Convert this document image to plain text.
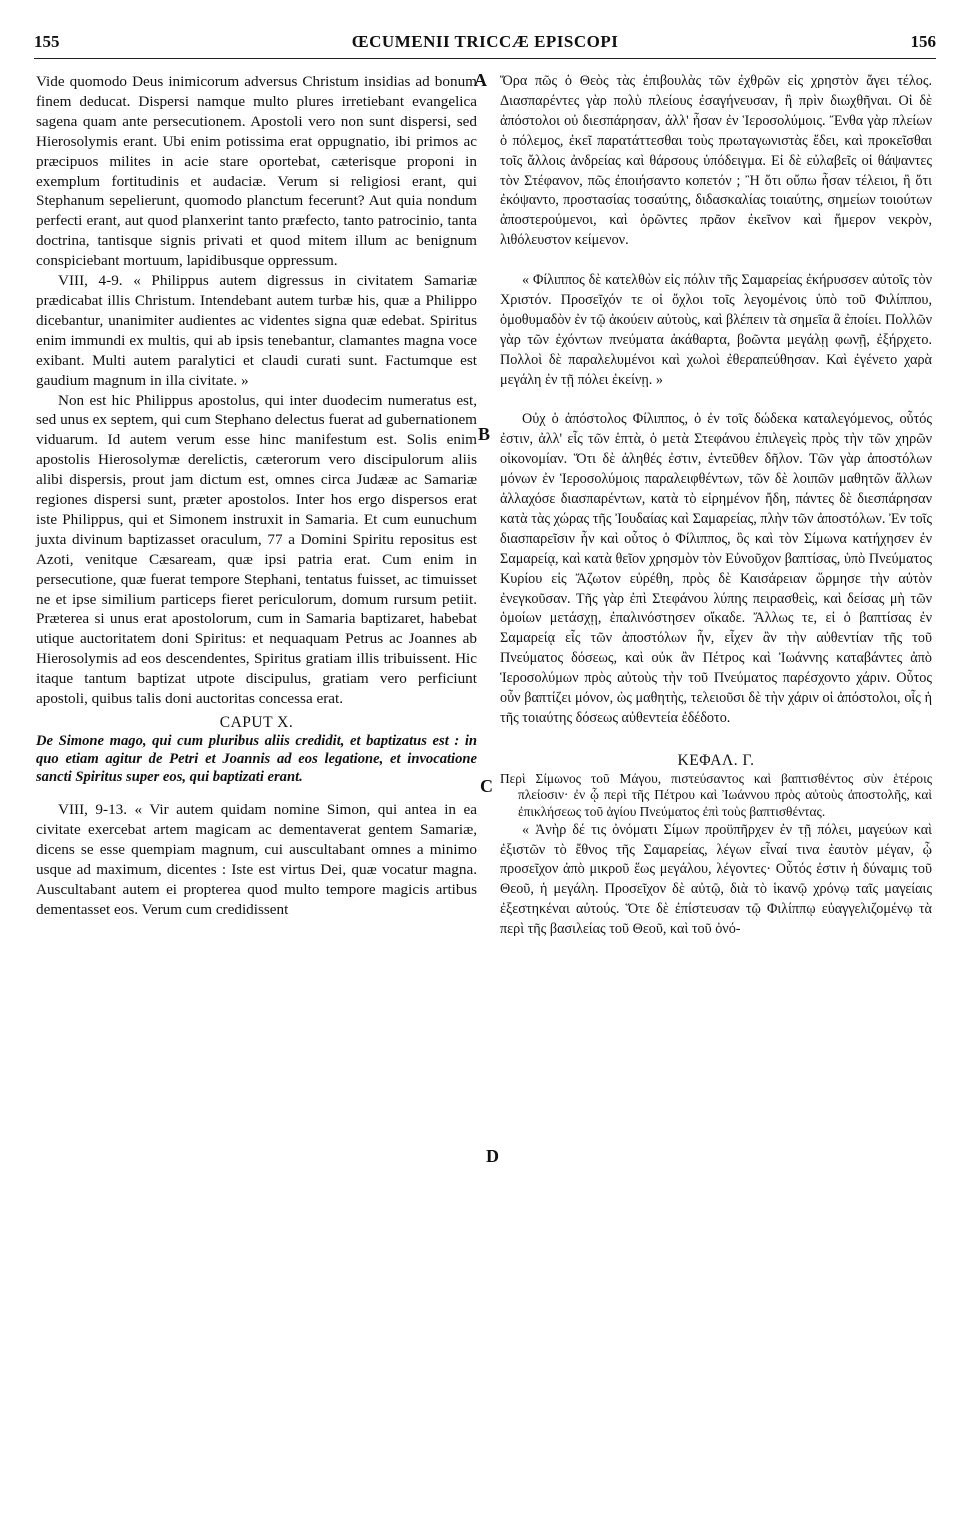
155	ŒCUMENII TRICCÆ EPISCOPI	156
A
B
C
D

Vide quomodo Deus inimicorum adversus Christum insidias ad bonum finem deducat. Dispersi namque multo plures irretiebant evangelica sagena quam ante persecutionem. Apostoli vero non sunt dispersi, sed Hierosolymis erant. Ubi enim potissima erat oppugnatio, ibi primos ac præcipuos milites in acie stare oportebat, cæterisque proponi in exemplum fortitudinis et audaciæ. Verum si religiosi erant, qui Stephanum sepelierunt, quomodo planctum fecerunt? Aut quia nondum perfecti erant, aut quod planxerint tanto præfecto, tanto patrocinio, tanta doctrina, tantisque signis privati et quod mitem illum ac benignum conspiciebant mortuum, lapidibusque oppressum.

VIII, 4-9. « Philippus autem digressus in civitatem Samariæ prædicabat illis Christum. Intendebant autem turbæ his, quæ a Philippo dicebantur, unanimiter audientes ac videntes signa quæ edebat. Spiritus enim immundi ex multis, qui ab ipsis tenebantur, clamantes magna voce exibant. Multi autem paralytici et claudi curati sunt. Factumque est gaudium magnum in illa civitate. »

Non est hic Philippus apostolus, qui inter duodecim numeratus est, sed unus ex septem, qui cum Stephano delectus fuerat ad gubernationem viduarum. Id autem verum esse hinc manifestum est. Solis enim apostolis Hierosolymæ derelictis, cæterorum vero discipulorum aliis alibi dispersis, prout jam dictum est, omnes circa Judææ ac Samariæ regiones dispersi sunt, præter apostolos. Inter hos ergo dispersos erat iste Philippus, qui et Simonem instruxit in Samaria. Et cum eunuchum juxta divinum baptizasset oraculum, 77 a Domini Spiritu repositus est Azoti, venitque Cæsaream, quæ ipsi patria erat. Cum enim in persecutione, quæ fuerat tempore Stephani, tentatus fuisset, ac timuisset ne et ipse similium particeps fieret periculorum, domum rursum petiit. Præterea si unus erat apostolorum, cum in Samaria baptizaret, habebat utique auctoritatem doni Spiritus: et nequaquam Petrus ac Joannes ab Hierosolymis ad eos descendentes, Spiritus gratiam illis tribuissent. Hic itaque tantum baptizat utpote discipulus, gratiam vero perficiunt apostoli, quibus talis doni auctoritas concessa erat.

CAPUT X.

De Simone mago, qui cum pluribus aliis credidit, et baptizatus est : in quo etiam agitur de Petri et Joannis ad eos legatione, et invocatione sancti Spiritus super eos, qui baptizati erant.

VIII, 9-13. « Vir autem quidam nomine Simon, qui antea in ea civitate exercebat artem magicam ac dementaverat gentem Samariæ, dicens se esse quempiam magnum, cui auscultabant omnes a minimo usque ad maximum, dicentes : Iste est virtus Dei, quæ vocatur magna. Auscultabant autem ei propterea quod multo tempore magicis artibus dementasset eos. Verum cum credidissent

Ὅρα πῶς ὁ Θεὸς τὰς ἐπιβουλὰς τῶν ἐχθρῶν εἰς χρηστὸν ἄγει τέλος. Διασπαρέντες γὰρ πολὺ πλείους ἐσαγήνευσαν, ἢ πρὶν διωχθῆναι. Οἱ δὲ ἀπόστολοι οὐ διεσπάρησαν, ἀλλ' ἦσαν ἐν Ἱεροσολύμοις. Ἔνθα γὰρ πλείων ὁ πόλεμος, ἐκεῖ παρατάττεσθαι τοὺς πρωταγωνιστὰς ἔδει, καὶ προκεῖσθαι τοῖς ἄλλοις ἀνδρείας καὶ θάρσους ὑπόδειγμα. Εἰ δὲ εὐλαβεῖς οἱ θάψαντες τὸν Στέφανον, πῶς ἐποιήσαντο κοπετόν ; Ἢ ὅτι οὔπω ἦσαν τέλειοι, ἢ ὅτι ἐκόψαντο, προστασίας τοσαύτης, διδασκαλίας τοιαύτης, σημείων τοιούτων ἀποστερούμενοι, καὶ ὁρῶντες πρᾶον ἐκεῖνον καὶ ἥμερον νεκρὸν, λιθόλευστον κείμενον.

« Φίλιππος δὲ κατελθὼν εἰς πόλιν τῆς Σαμαρείας ἐκήρυσσεν αὐτοῖς τὸν Χριστόν. Προσεῖχόν τε οἱ ὄχλοι τοῖς λεγομένοις ὑπὸ τοῦ Φιλίππου, ὁμοθυμαδὸν ἐν τῷ ἀκούειν αὐτοὺς, καὶ βλέπειν τὰ σημεῖα ἃ ἐποίει. Πολλῶν γὰρ τῶν ἐχόντων πνεύματα ἀκάθαρτα, βοῶντα μεγάλῃ φωνῇ, ἐξήρχετο. Πολλοὶ δὲ παραλελυμένοι καὶ χωλοὶ ἐθεραπεύθησαν. Καὶ ἐγένετο χαρὰ μεγάλη ἐν τῇ πόλει ἐκείνῃ. »

Οὐχ ὁ ἀπόστολος Φίλιππος, ὁ ἐν τοῖς δώδεκα καταλεγόμενος, οὗτός ἐστιν, ἀλλ' εἷς τῶν ἑπτὰ, ὁ μετὰ Στεφάνου ἐπιλεγεὶς πρὸς τὴν τῶν χηρῶν οἰκονομίαν. Ὅτι δὲ ἀληθές ἐστιν, ἐντεῦθεν δῆλον. Τῶν γὰρ ἀποστόλων μόνων ἐν Ἱεροσολύμοις παραλειφθέντων, τῶν δὲ λοιπῶν μαθητῶν ἄλλων ἀλλαχόσε διασπαρέντων, κατὰ τὸ εἰρημένον ἤδη, πάντες δὲ διεσπάρησαν κατὰ τὰς χώρας τῆς Ἰουδαίας καὶ Σαμαρείας, πλὴν τῶν ἀποστόλων. Ἐν τοῖς διασπαρεῖσιν ἦν καὶ οὗτος ὁ Φίλιππος, ὃς καὶ τὸν Σίμωνα κατήχησεν ἐν Σαμαρείᾳ, καὶ κατὰ θεῖον χρησμὸν τὸν Εὐνοῦχον βαπτίσας, ὑπὸ Πνεύματος Κυρίου εἰς Ἄζωτον εὑρέθη, πρὸς δὲ Καισάρειαν ὥρμησε τὴν αὐτὸν ἐνεγκοῦσαν. Τῆς γὰρ ἐπὶ Στεφάνου λύπης πειρασθεὶς, καὶ δείσας μὴ τῶν ὁμοίων μετάσχῃ, ἐπαλινόστησεν οἴκαδε. Ἄλλως τε, εἰ ὁ βαπτίσας ἐν Σαμαρείᾳ εἷς τῶν ἀποστόλων ἦν, εἶχεν ἂν τὴν αὐθεντίαν τῆς τοῦ Πνεύματος δόσεως, καὶ οὐκ ἂν Πέτρος καὶ Ἰωάννης καταβάντες ἀπὸ Ἱεροσολύμων πρὸς αὐτοὺς τὴν τοῦ Πνεύματος παρέσχοντο χάριν. Οὗτος οὖν βαπτίζει μόνον, ὡς μαθητὴς, τελειοῦσι δὲ τὴν χάριν οἱ ἀπόστολοι, οἷς ἡ τῆς τοιαύτης δόσεως αὐθεντεία ἐδέδοτο.

ΚΕΦΑΛ. Γ.

Περὶ Σίμωνος τοῦ Μάγου, πιστεύσαντος καὶ βαπτισθέντος σὺν ἑτέροις πλείοσιν· ἐν ᾧ περὶ τῆς Πέτρου καὶ Ἰωάννου πρὸς αὐτοὺς ἀποστολῆς, καὶ ἐπικλήσεως τοῦ ἁγίου Πνεύματος ἐπὶ τοὺς βαπτισθέντας.

« Ἀνὴρ δέ τις ὀνόματι Σίμων προϋπῆρχεν ἐν τῇ πόλει, μαγεύων καὶ ἐξιστῶν τὸ ἔθνος τῆς Σαμαρείας, λέγων εἶναί τινα ἑαυτὸν μέγαν, ᾧ προσεῖχον ἀπὸ μικροῦ ἕως μεγάλου, λέγοντες· Οὗτός ἐστιν ἡ δύναμις τοῦ Θεοῦ, ἡ μεγάλη. Προσεῖχον δὲ αὐτῷ, διὰ τὸ ἱκανῷ χρόνῳ ταῖς μαγείαις ἐξεστηκέναι αὐτούς. Ὅτε δὲ ἐπίστευσαν τῷ Φιλίππῳ εὐαγγελιζομένῳ τὰ περὶ τῆς βασιλείας τοῦ Θεοῦ, καὶ τοῦ ὀνό-
